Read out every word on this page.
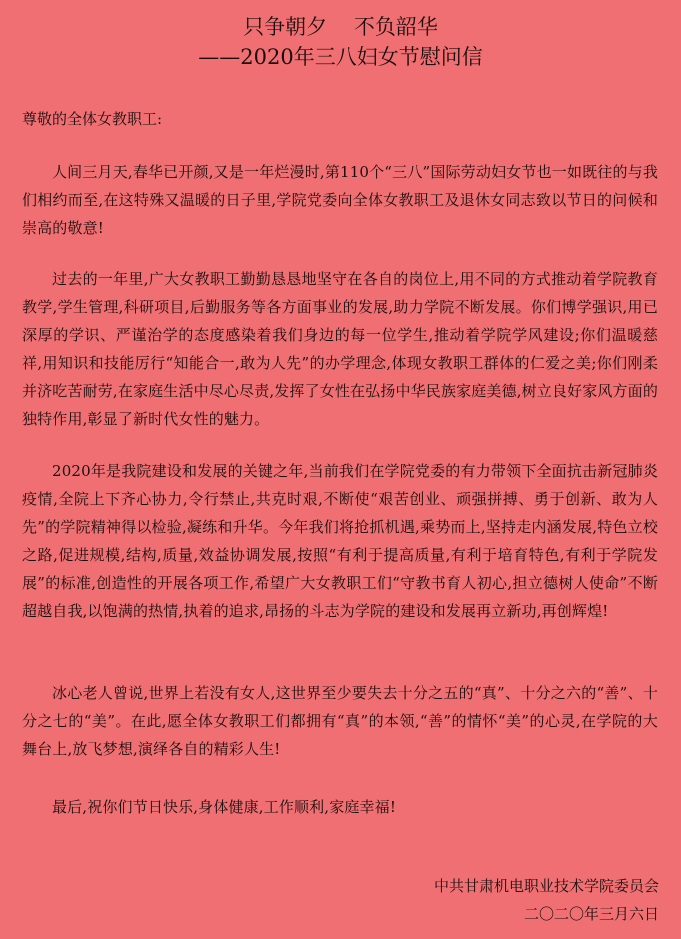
只争朝夕    不负韶华
——2020年三八妇女节慰问信
尊敬的全体女教职工:

人间三月天,春华已开颜,又是一年烂漫时,第110个“三八”国际劳动妇女节也一如既往的与我们相约而至,在这特殊又温暖的日子里,学院党委向全体女教职工及退休女同志致以节日的问候和崇高的敬意!

过去的一年里,广大女教职工勤勤恳恳地坚守在各自的岗位上,用不同的方式推动着学院教育教学,学生管理,科研项目,后勤服务等各方面事业的发展,助力学院不断发展。你们博学强识,用已深厚的学识、严谨治学的态度感染着我们身边的每一位学生,推动着学院学风建设;你们温暖慈祥,用知识和技能厉行“知能合一,敢为人先”的办学理念,体现女教职工群体的仁爱之美;你们刚柔并济吃苦耐劳,在家庭生活中尽心尽责,发挥了女性在弘扬中华民族家庭美德,树立良好家风方面的独特作用,彰显了新时代女性的魅力。

2020年是我院建设和发展的关键之年,当前我们在学院党委的有力带领下全面抗击新冠肺炎疫情,全院上下齐心协力,令行禁止,共克时艰,不断使“艰苦创业、顽强拼搏、勇于创新、敢为人先”的学院精神得以检验,凝练和升华。今年我们将抢抓机遇,乘势而上,坚持走内涵发展,特色立校之路,促进规模,结构,质量,效益协调发展,按照“有利于提高质量,有利于培育特色,有利于学院发展”的标准,创造性的开展各项工作,希望广大女教职工们“守教书育人初心,担立德树人使命”不断超越自我,以饱满的热情,执着的追求,昂扬的斗志为学院的建设和发展再立新功,再创辉煌!

冰心老人曾说,世界上若没有女人,这世界至少要失去十分之五的“真”、十分之六的“善”、十分之七的“美”。在此,愿全体女教职工们都拥有“真”的本领,“善”的情怀“美”的心灵,在学院的大舞台上,放飞梦想,演绎各自的精彩人生!

最后,祝你们节日快乐,身体健康,工作顺利,家庭幸福!

中共甘肃机电职业技术学院委员会
二〇二〇年三月六日
